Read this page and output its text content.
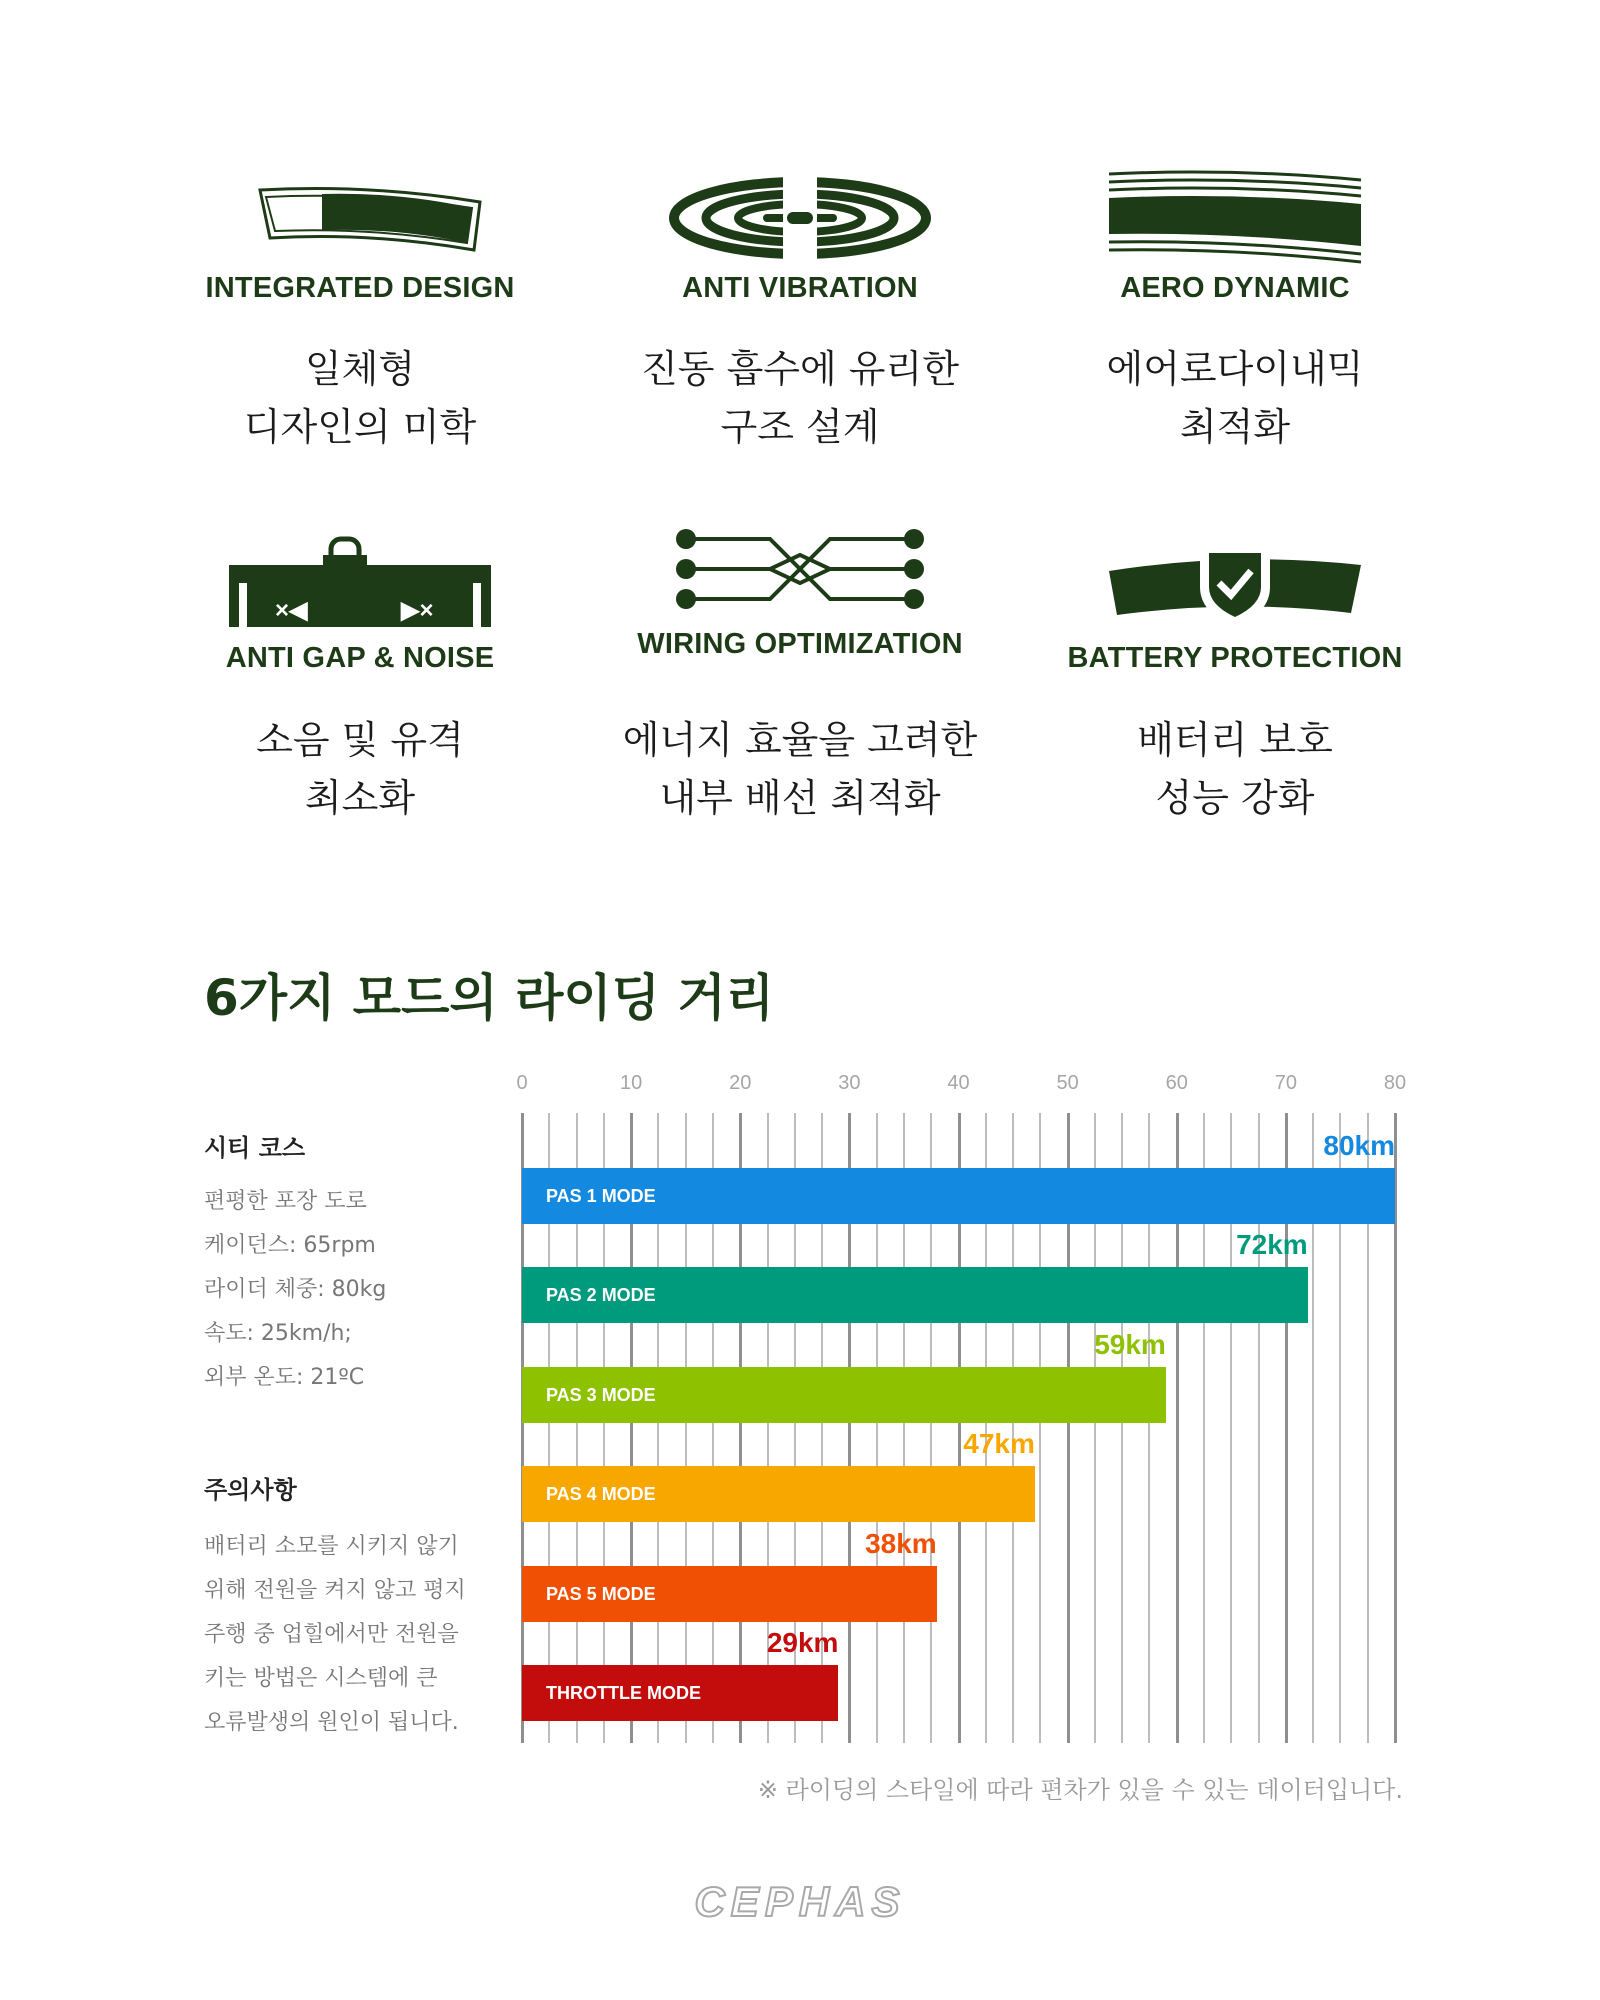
INTEGRATED DESIGN
일체형
디자인의 미학
ANTI VIBRATION
진동 흡수에 유리한
구조 설계
AERO DYNAMIC
에어로다이내믹
최적화
×◀	▶×
ANTI GAP & NOISE
소음 및 유격
최소화
WIRING OPTIMIZATION
에너지 효율을 고려한
내부 배선 최적화
BATTERY PROTECTION
배터리 보호
성능 강화
6가지 모드의 라이딩 거리
시티 코스
편평한 포장 도로
케이던스: 65rpm
라이더 체중: 80kg
속도: 25km/h;
외부 온도: 21ºC
주의사항
배터리 소모를 시키지 않기
위해 전원을 켜지 않고 평지
주행 중 업힐에서만 전원을
키는 방법은 시스템에 큰
오류발생의 원인이 됩니다.
0	10	20	30	40	50	60	70	80
PAS 1 MODE
80km
PAS 2 MODE
72km
PAS 3 MODE
59km
PAS 4 MODE
47km
PAS 5 MODE
38km
THROTTLE MODE
29km
※ 라이딩의 스타일에 따라 편차가 있을 수 있는 데이터입니다.
CEPHAS
